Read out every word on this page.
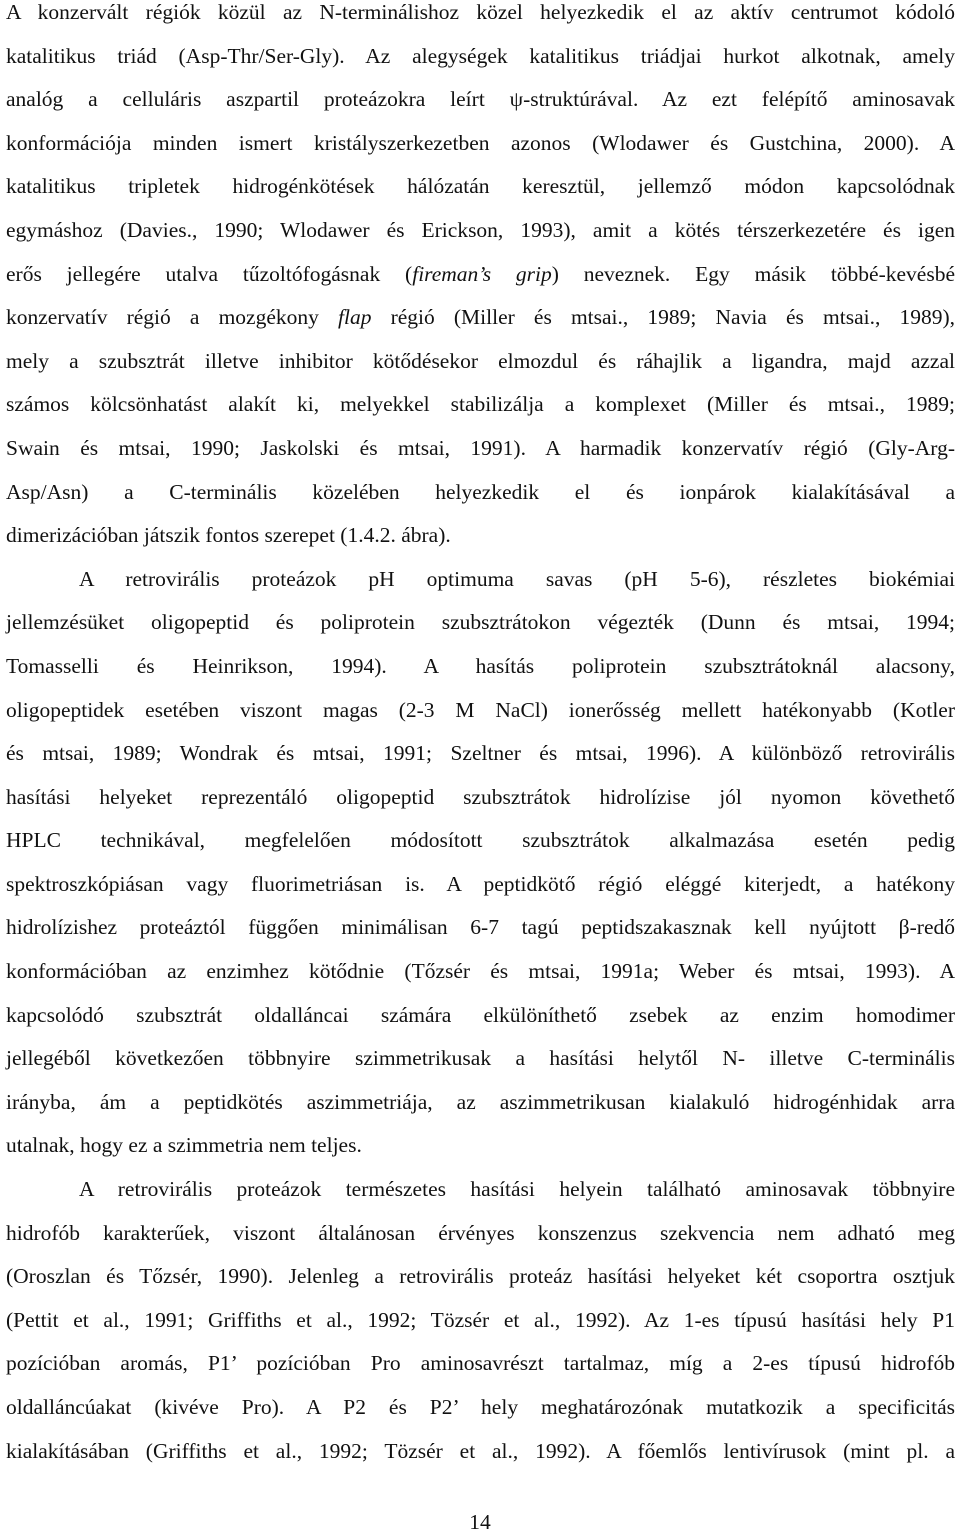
A konzervált régiók közül az N-terminálishoz közel helyezkedik el az aktív centrumot kódoló
katalitikus triád (Asp-Thr/Ser-Gly). Az alegységek katalitikus triádjai hurkot alkotnak, amely
analóg a celluláris aszpartil proteázokra leírt ψ-struktúrával. Az ezt felépítő aminosavak
konformációja minden ismert kristályszerkezetben azonos (Wlodawer és Gustchina, 2000). A
katalitikus tripletek hidrogénkötések hálózatán keresztül, jellemző módon kapcsolódnak
egymáshoz (Davies., 1990; Wlodawer és Erickson, 1993), amit a kötés térszerkezetére és igen
erős jellegére utalva tűzoltófogásnak (fireman’s grip) neveznek. Egy másik többé-kevésbé
konzervatív régió a mozgékony flap régió (Miller és mtsai., 1989; Navia és mtsai., 1989),
mely a szubsztrát illetve inhibitor kötődésekor elmozdul és ráhajlik a ligandra, majd azzal
számos kölcsönhatást alakít ki, melyekkel stabilizálja a komplexet (Miller és mtsai., 1989;
Swain és mtsai, 1990; Jaskolski és mtsai, 1991). A harmadik konzervatív régió (Gly-Arg-
Asp/Asn) a C-terminális közelében helyezkedik el és ionpárok kialakításával a
dimerizációban játszik fontos szerepet (1.4.2. ábra).
A retrovirális proteázok pH optimuma savas (pH 5-6), részletes biokémiai
jellemzésüket oligopeptid és poliprotein szubsztrátokon végezték (Dunn és mtsai, 1994;
Tomasselli és Heinrikson, 1994). A hasítás poliprotein szubsztrátoknál alacsony,
oligopeptidek esetében viszont magas (2-3 M NaCl) ionerősség mellett hatékonyabb (Kotler
és mtsai, 1989; Wondrak és mtsai, 1991; Szeltner és mtsai, 1996). A különböző retrovirális
hasítási helyeket reprezentáló oligopeptid szubsztrátok hidrolízise jól nyomon követhető
HPLC technikával, megfelelően módosított szubsztrátok alkalmazása esetén pedig
spektroszkópiásan vagy fluorimetriásan is. A peptidkötő régió eléggé kiterjedt, a hatékony
hidrolízishez proteáztól függően minimálisan 6-7 tagú peptidszakasznak kell nyújtott β-redő
konformációban az enzimhez kötődnie (Tőzsér és mtsai, 1991a; Weber és mtsai, 1993). A
kapcsolódó szubsztrát oldalláncai számára elkülöníthető zsebek az enzim homodimer
jellegéből következően többnyire szimmetrikusak a hasítási helytől N- illetve C-terminális
irányba, ám a peptidkötés aszimmetriája, az aszimmetrikusan kialakuló hidrogénhidak arra
utalnak, hogy ez a szimmetria nem teljes.
A retrovirális proteázok természetes hasítási helyein található aminosavak többnyire
hidrofób karakterűek, viszont általánosan érvényes konszenzus szekvencia nem adható meg
(Oroszlan és Tőzsér, 1990). Jelenleg a retrovirális proteáz hasítási helyeket két csoportra osztjuk
(Pettit et al., 1991; Griffiths et al., 1992; Tözsér et al., 1992). Az 1-es típusú hasítási hely P1
pozícióban aromás, P1’ pozícióban Pro aminosavrészt tartalmaz, míg a 2-es típusú hidrofób
oldalláncúakat (kivéve Pro). A P2 és P2’ hely meghatározónak mutatkozik a specificitás
kialakításában (Griffiths et al., 1992; Tözsér et al., 1992). A főemlős lentivírusok (mint pl. a
14
